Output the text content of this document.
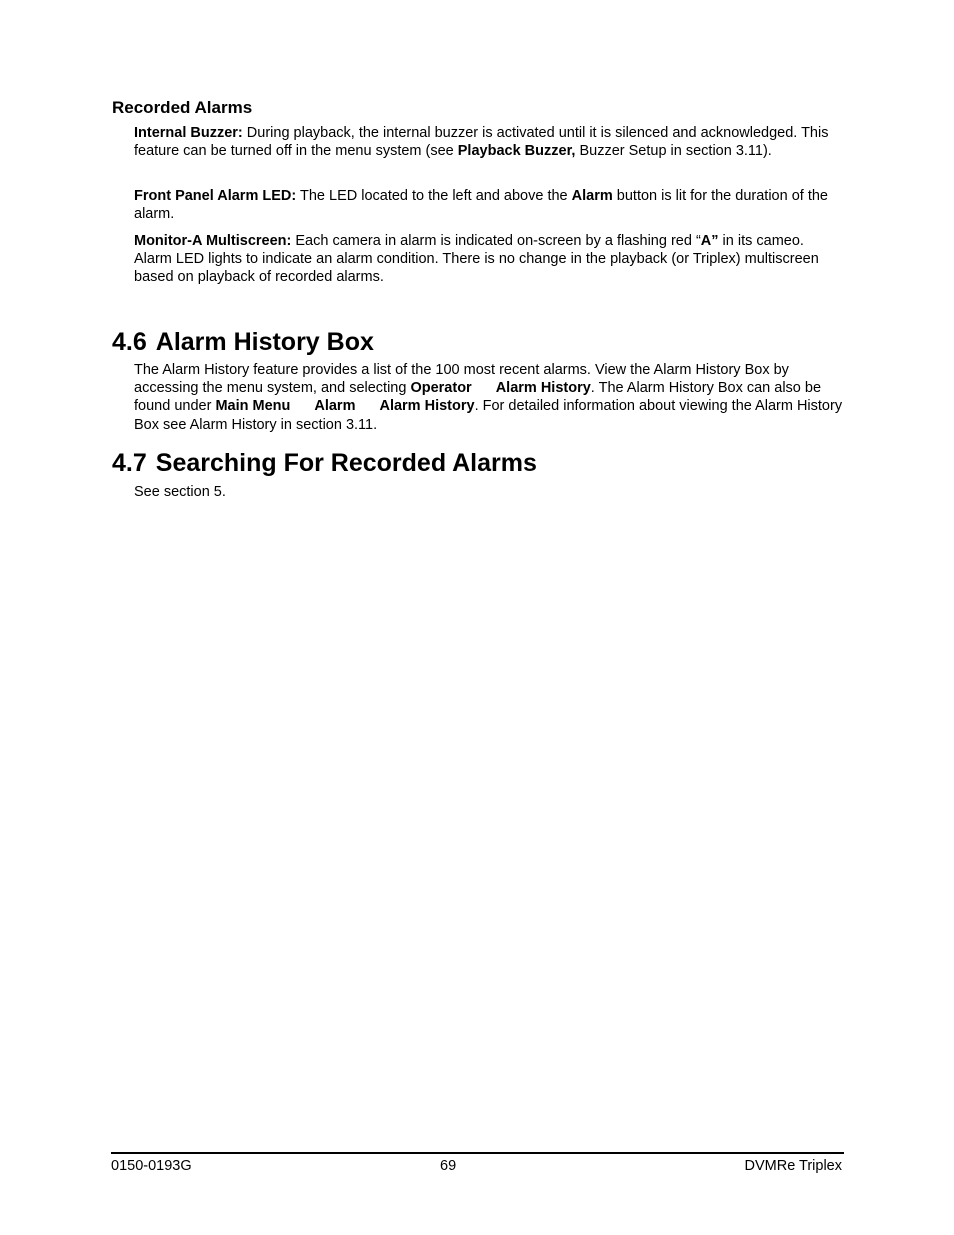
Recorded Alarms

Internal Buzzer: During playback, the internal buzzer is activated until it is silenced and acknowledged. This feature can be turned off in the menu system (see Playback Buzzer, Buzzer Setup in section 3.11).

Front Panel Alarm LED: The LED located to the left and above the Alarm button is lit for the duration of the alarm.

Monitor-A Multiscreen: Each camera in alarm is indicated on-screen by a flashing red “A” in its cameo. Alarm LED lights to indicate an alarm condition. There is no change in the playback (or Triplex) multiscreen based on playback of recorded alarms.

4.6 Alarm History Box

The Alarm History feature provides a list of the 100 most recent alarms. View the Alarm History Box by accessing the menu system, and selecting Operator Alarm History. The Alarm History Box can also be found under Main Menu Alarm Alarm History. For detailed information about viewing the Alarm History Box see Alarm History in section 3.11.

4.7 Searching For Recorded Alarms

See section 5.

0150-0193G	69	DVMRe Triplex
